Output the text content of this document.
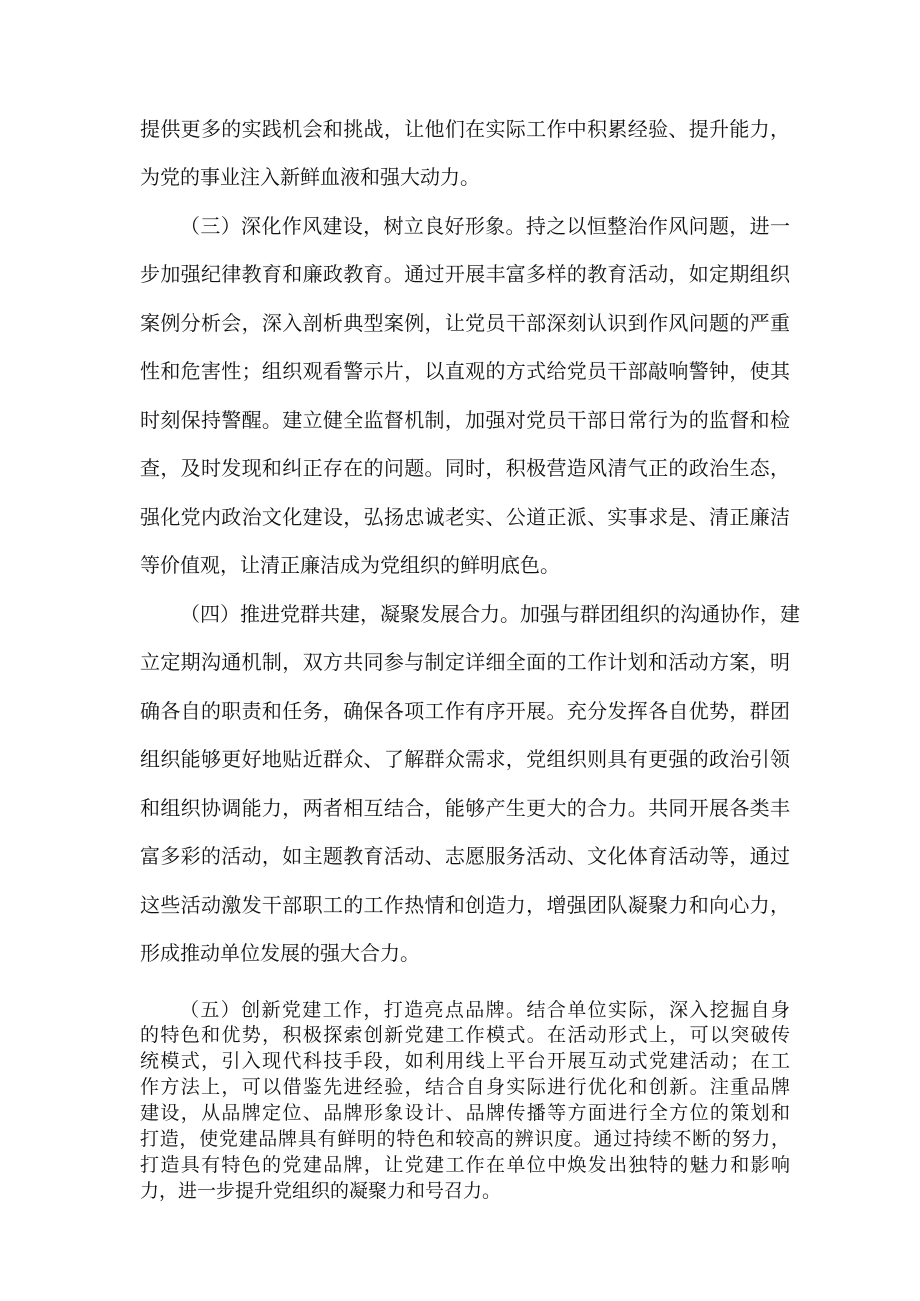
提供更多的实践机会和挑战，让他们在实际工作中积累经验、提升能力，

为党的事业注入新鲜血液和强大动力。

（三）深化作风建设，树立良好形象。持之以恒整治作风问题，进一

步加强纪律教育和廉政教育。通过开展丰富多样的教育活动，如定期组织

案例分析会，深入剖析典型案例，让党员干部深刻认识到作风问题的严重

性和危害性；组织观看警示片，以直观的方式给党员干部敲响警钟，使其

时刻保持警醒。建立健全监督机制，加强对党员干部日常行为的监督和检

查，及时发现和纠正存在的问题。同时，积极营造风清气正的政治生态，

强化党内政治文化建设，弘扬忠诚老实、公道正派、实事求是、清正廉洁

等价值观，让清正廉洁成为党组织的鲜明底色。

（四）推进党群共建，凝聚发展合力。加强与群团组织的沟通协作，建

立定期沟通机制，双方共同参与制定详细全面的工作计划和活动方案，明

确各自的职责和任务，确保各项工作有序开展。充分发挥各自优势，群团

组织能够更好地贴近群众、了解群众需求，党组织则具有更强的政治引领

和组织协调能力，两者相互结合，能够产生更大的合力。共同开展各类丰

富多彩的活动，如主题教育活动、志愿服务活动、文化体育活动等，通过

这些活动激发干部职工的工作热情和创造力，增强团队凝聚力和向心力，

形成推动单位发展的强大合力。

（五）创新党建工作，打造亮点品牌。结合单位实际，深入挖掘自身

的特色和优势，积极探索创新党建工作模式。在活动形式上，可以突破传

统模式，引入现代科技手段，如利用线上平台开展互动式党建活动；在工

作方法上，可以借鉴先进经验，结合自身实际进行优化和创新。注重品牌

建设，从品牌定位、品牌形象设计、品牌传播等方面进行全方位的策划和

打造，使党建品牌具有鲜明的特色和较高的辨识度。通过持续不断的努力，

打造具有特色的党建品牌，让党建工作在单位中焕发出独特的魅力和影响

力，进一步提升党组织的凝聚力和号召力。
